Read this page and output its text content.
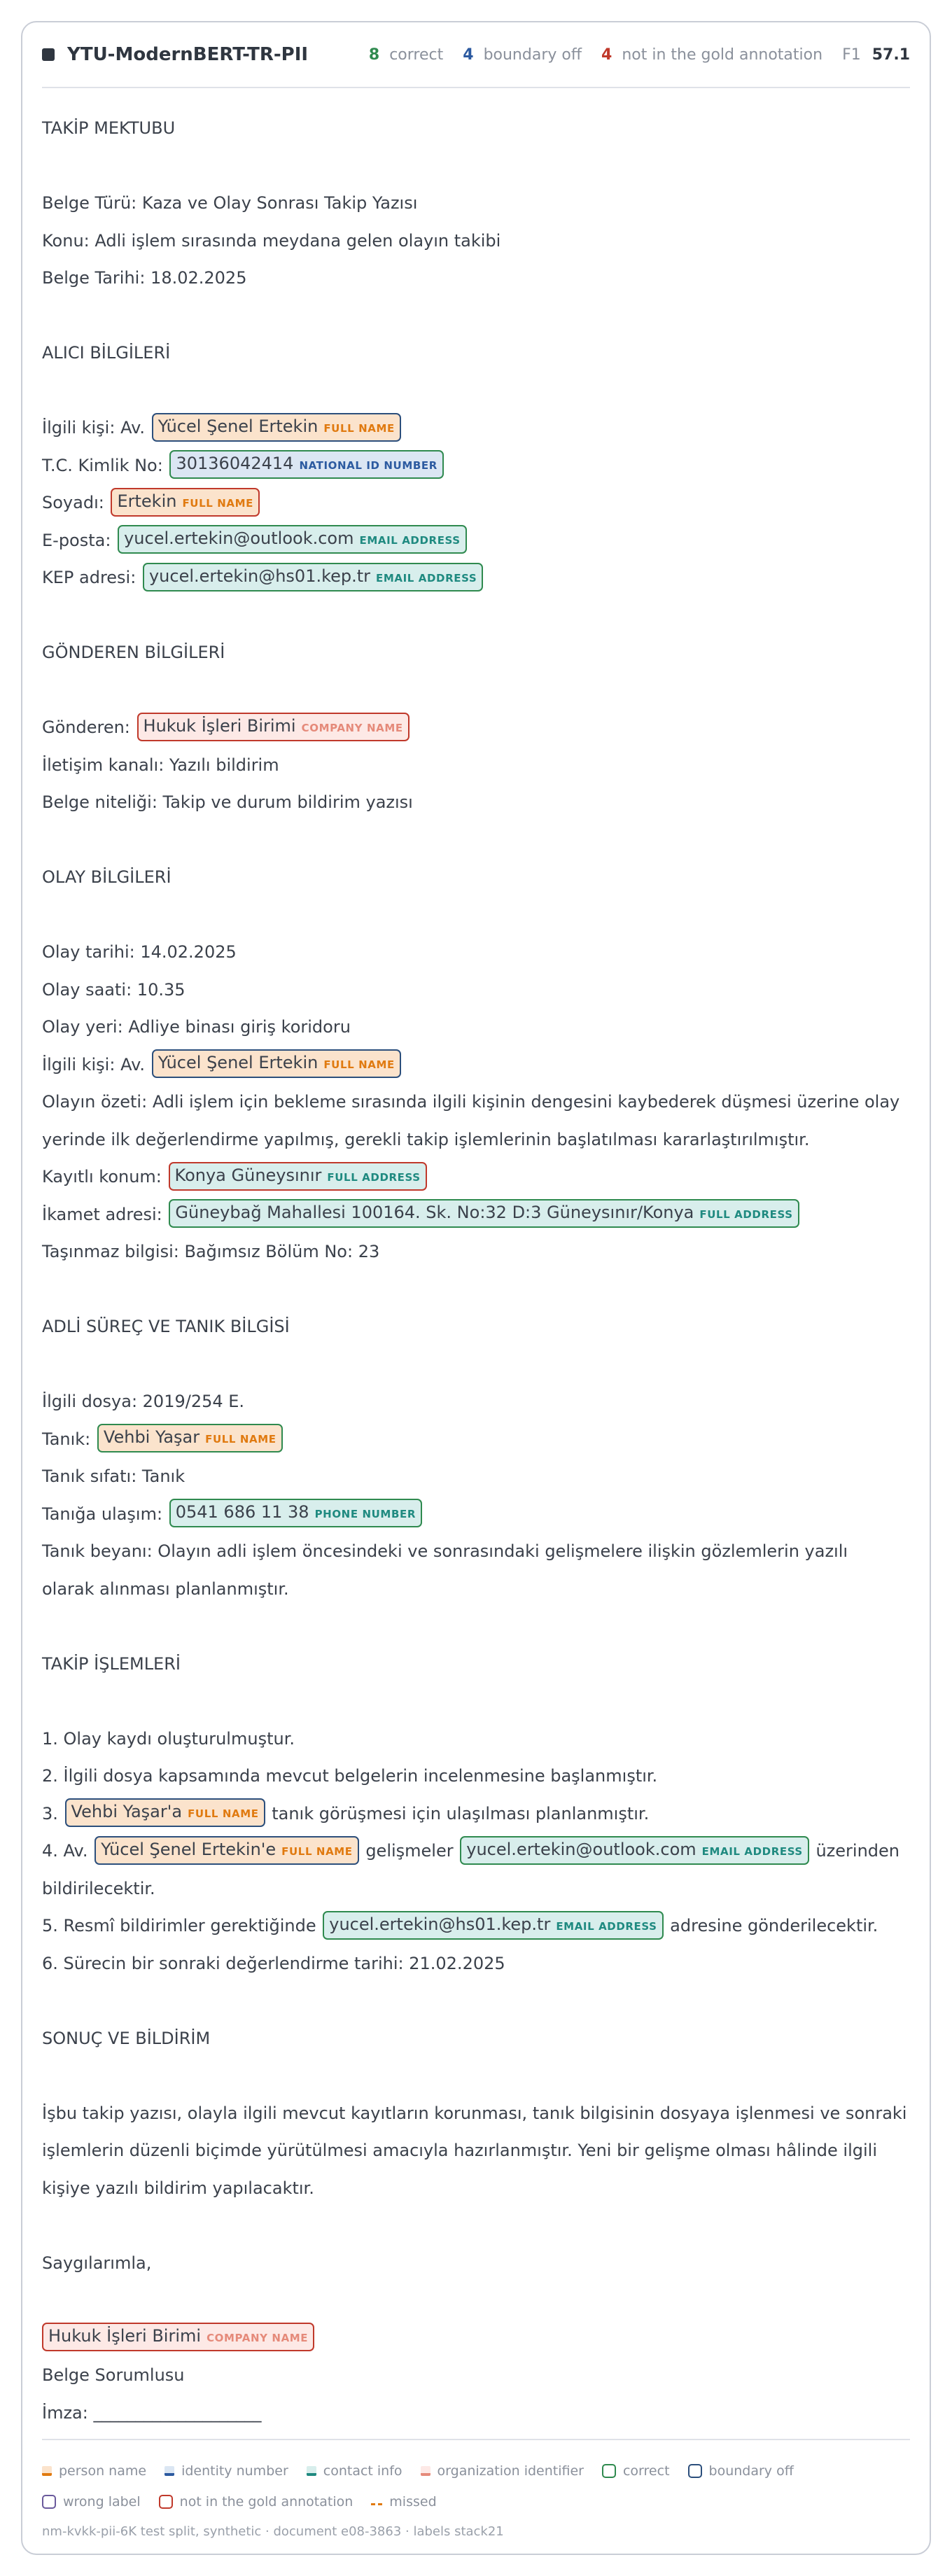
YTU-ModernBERT-TR-PII	8 correct 4 boundary off 4 not in the gold annotation F1 57.1
TAKİP MEKTUBU
Belge Türü: Kaza ve Olay Sonrası Takip Yazısı
Konu: Adli işlem sırasında meydana gelen olayın takibi
Belge Tarihi: 18.02.2025
ALICI BİLGİLERİ
İlgili kişi: Av. Yücel Şenel Ertekin FULL NAME
T.C. Kimlik No: 30136042414 NATIONAL ID NUMBER
Soyadı: Ertekin FULL NAME
E-posta: yucel.ertekin@outlook.com EMAIL ADDRESS
KEP adresi: yucel.ertekin@hs01.kep.tr EMAIL ADDRESS
GÖNDEREN BİLGİLERİ
Gönderen: Hukuk İşleri Birimi COMPANY NAME
İletişim kanalı: Yazılı bildirim
Belge niteliği: Takip ve durum bildirim yazısı
OLAY BİLGİLERİ
Olay tarihi: 14.02.2025
Olay saati: 10.35
Olay yeri: Adliye binası giriş koridoru
İlgili kişi: Av. Yücel Şenel Ertekin FULL NAME
Olayın özeti: Adli işlem için bekleme sırasında ilgili kişinin dengesini kaybederek düşmesi üzerine olay
yerinde ilk değerlendirme yapılmış, gerekli takip işlemlerinin başlatılması kararlaştırılmıştır.
Kayıtlı konum: Konya Güneysınır FULL ADDRESS
İkamet adresi: Güneybağ Mahallesi 100164. Sk. No:32 D:3 Güneysınır/Konya FULL ADDRESS
Taşınmaz bilgisi: Bağımsız Bölüm No: 23
ADLİ SÜREÇ VE TANIK BİLGİSİ
İlgili dosya: 2019/254 E.
Tanık: Vehbi Yaşar FULL NAME
Tanık sıfatı: Tanık
Tanığa ulaşım: 0541 686 11 38 PHONE NUMBER
Tanık beyanı: Olayın adli işlem öncesindeki ve sonrasındaki gelişmelere ilişkin gözlemlerin yazılı
olarak alınması planlanmıştır.
TAKİP İŞLEMLERİ
1. Olay kaydı oluşturulmuştur.
2. İlgili dosya kapsamında mevcut belgelerin incelenmesine başlanmıştır.
3. Vehbi Yaşar'a FULL NAME tanık görüşmesi için ulaşılması planlanmıştır.
4. Av. Yücel Şenel Ertekin'e FULL NAME gelişmeler yucel.ertekin@outlook.com EMAIL ADDRESS üzerinden
bildirilecektir.
5. Resmî bildirimler gerektiğinde yucel.ertekin@hs01.kep.tr EMAIL ADDRESS adresine gönderilecektir.
6. Sürecin bir sonraki değerlendirme tarihi: 21.02.2025
SONUÇ VE BİLDİRİM
İşbu takip yazısı, olayla ilgili mevcut kayıtların korunması, tanık bilgisinin dosyaya işlenmesi ve sonraki
işlemlerin düzenli biçimde yürütülmesi amacıyla hazırlanmıştır. Yeni bir gelişme olması hâlinde ilgili
kişiye yazılı bildirim yapılacaktır.
Saygılarımla,
Hukuk İşleri Birimi COMPANY NAME
Belge Sorumlusu
İmza: ____________________
person name	identity number	contact info	organization identifier	correct	boundary off
wrong label	not in the gold annotation	missed
nm-kvkk-pii-6K test split, synthetic · document e08-3863 · labels stack21
